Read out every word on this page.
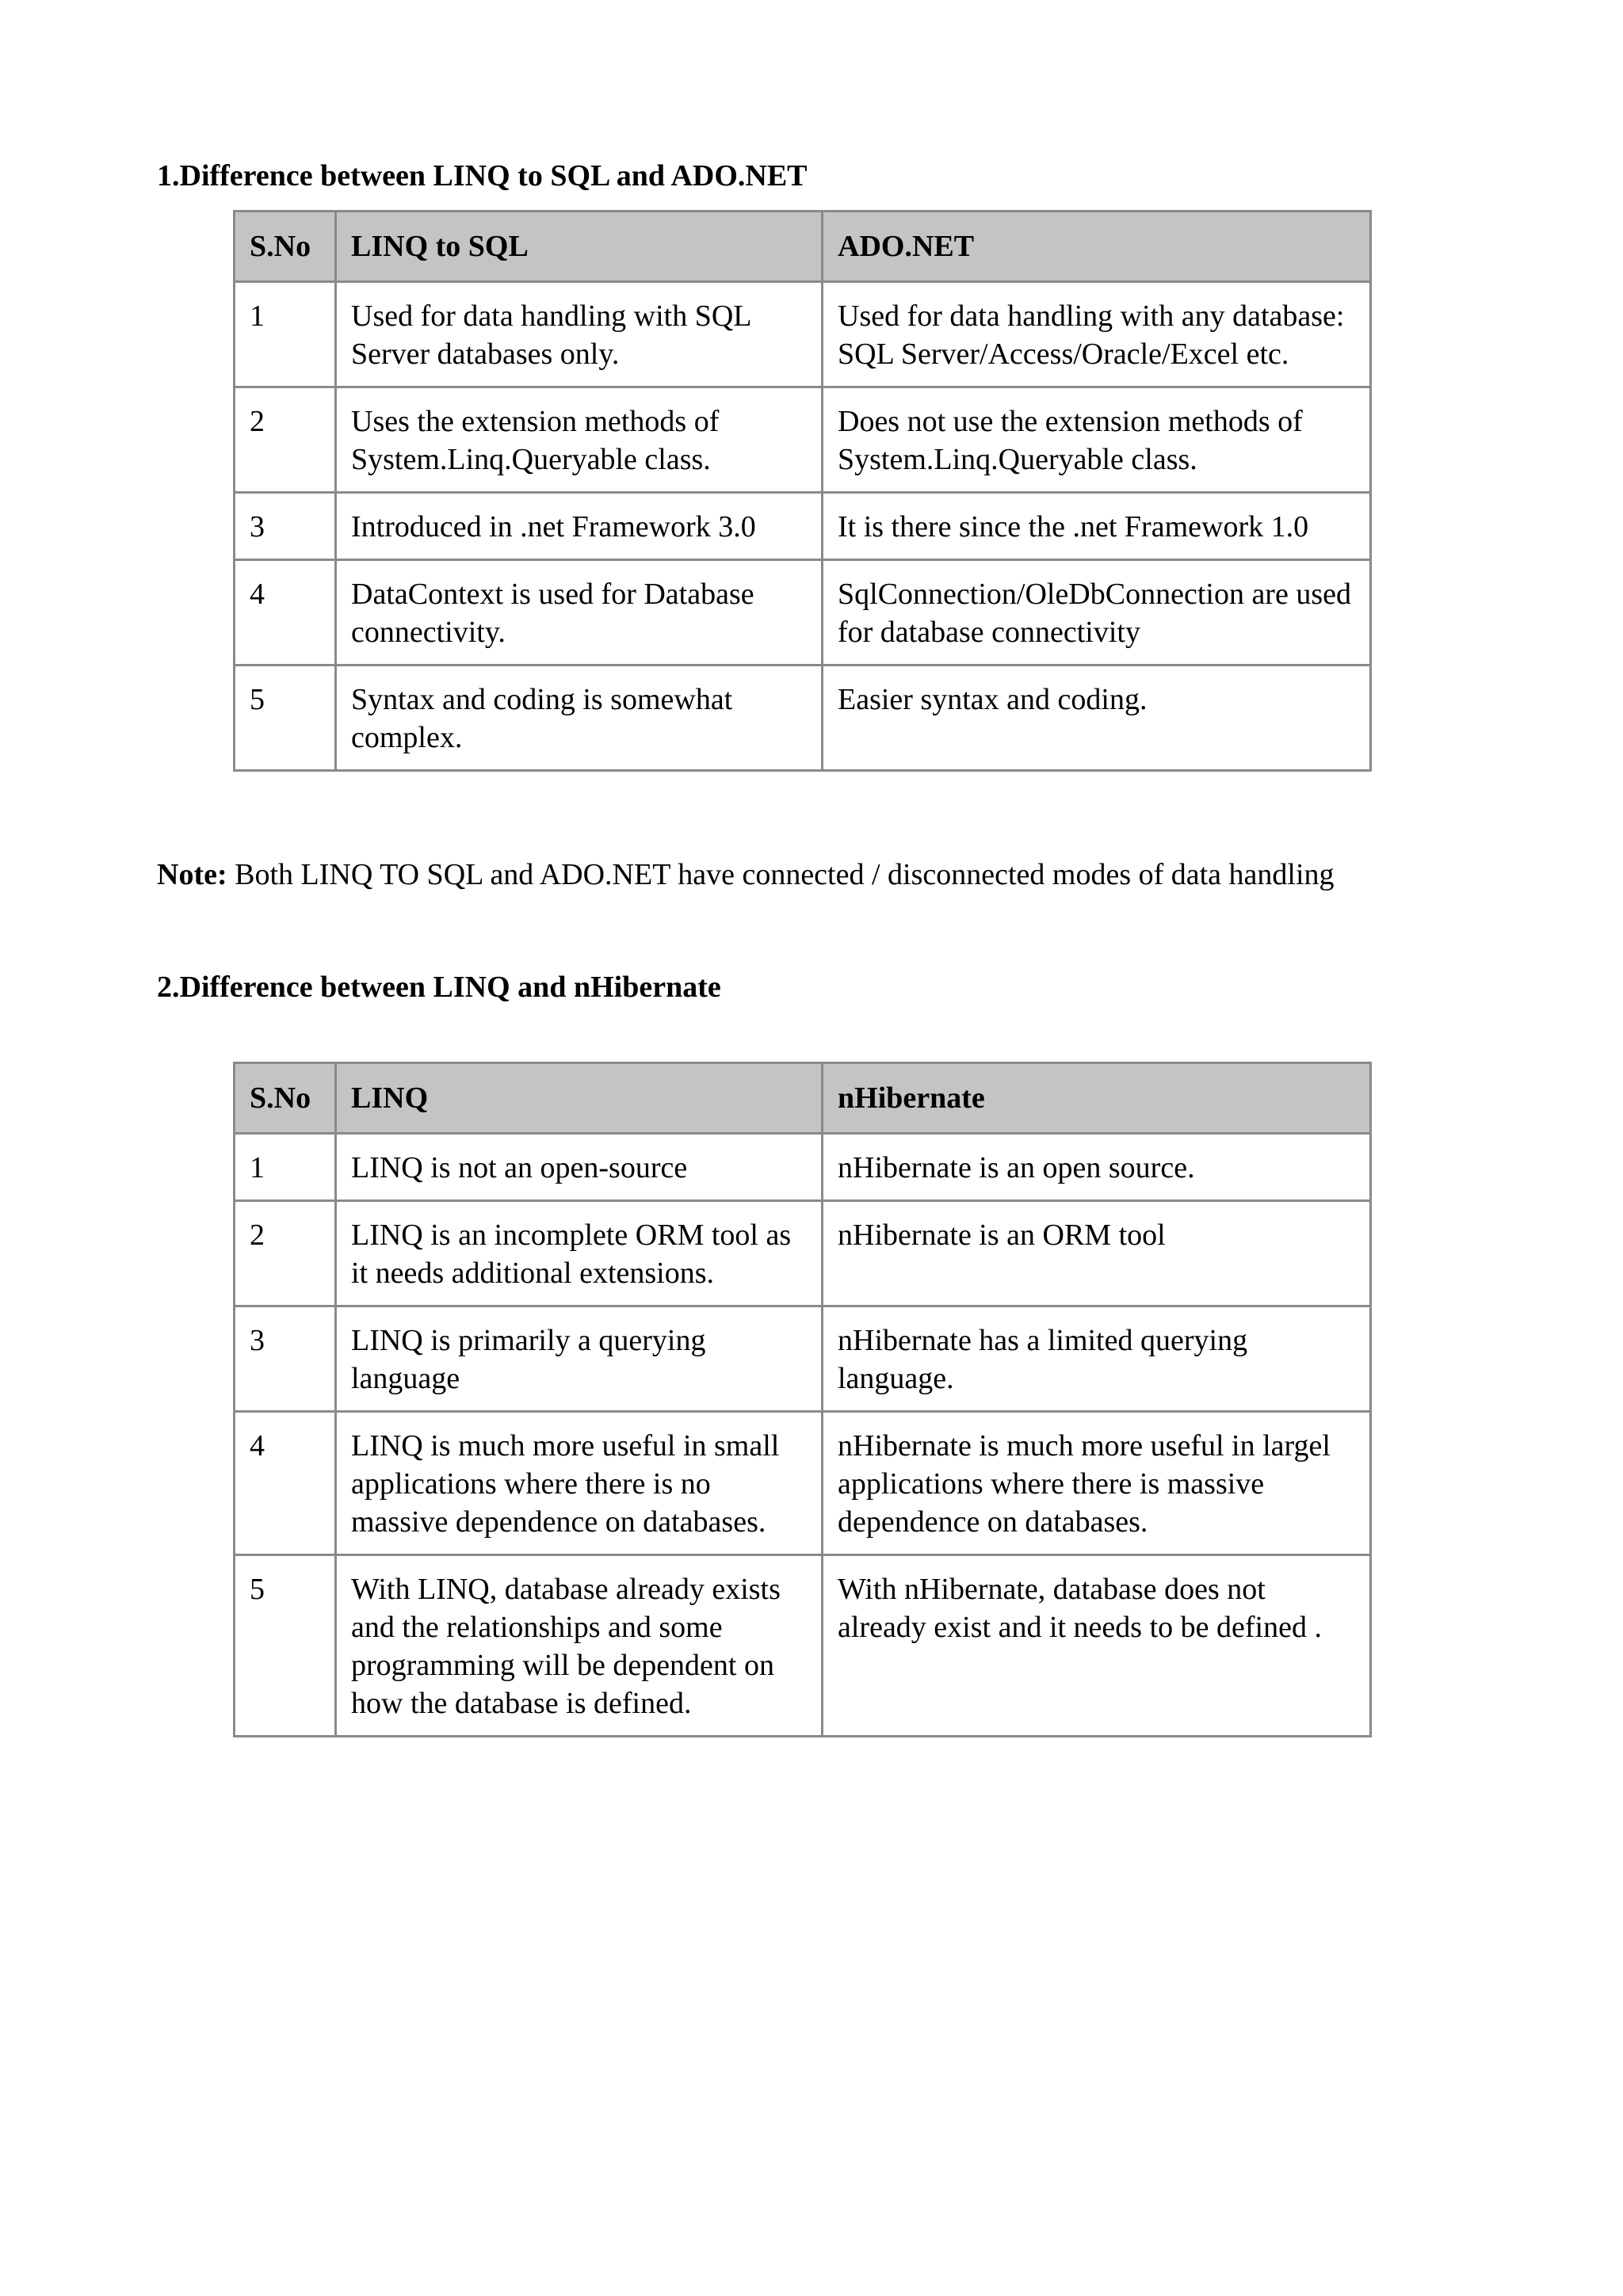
1.Difference between LINQ to SQL and ADO.NET
S.No	LINQ to SQL	ADO.NET
1	Used for data handling with SQL Server databases only.	Used for data handling with any database: SQL Server/Access/Oracle/Excel etc.
2	Uses the extension methods of System.Linq.Queryable class.	Does not use the extension methods of System.Linq.Queryable class.
3	Introduced in .net Framework 3.0	It is there since the .net Framework 1.0
4	DataContext is used for Database connectivity.	SqlConnection/OleDbConnection are used for database connectivity
5	Syntax and coding is somewhat complex.	Easier syntax and coding.

Note: Both LINQ TO SQL and ADO.NET have connected / disconnected modes of data handling

2.Difference between LINQ and nHibernate
S.No	LINQ	nHibernate
1	LINQ is not an open-source	nHibernate is an open source.
2	LINQ is an incomplete ORM tool as it needs additional extensions.	nHibernate is an ORM tool
3	LINQ is primarily a querying language	nHibernate has a limited querying language.
4	LINQ is much more useful in small applications where there is no massive dependence on databases.	nHibernate is much more useful in largel applications where there is massive dependence on databases.
5	With LINQ, database already exists and the relationships and some programming will be dependent on how the database is defined.	With nHibernate, database does not already exist and it needs to be defined .
